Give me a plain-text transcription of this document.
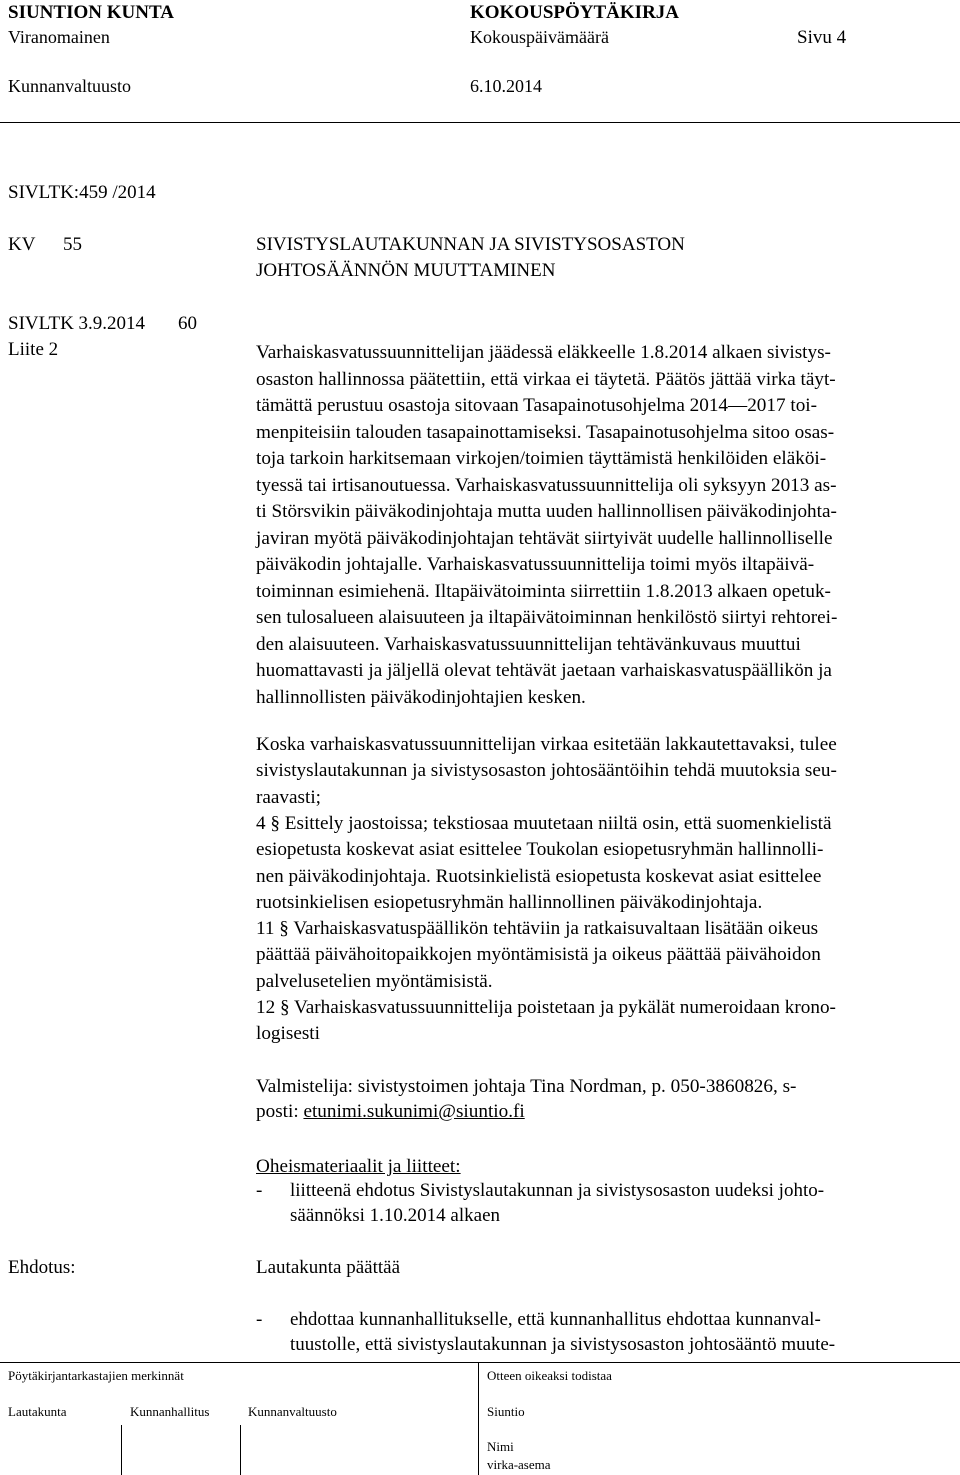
SIUNTION KUNTA	KOKOUSPÖYTÄKIRJA
Viranomainen	Kokouspäivämäärä	Sivu 4
Kunnanvaltuusto	6.10.2014
SIVLTK:459 /2014
KV 55	SIVISTYSLAUTAKUNNAN JA SIVISTYSOSASTON
JOHTOSÄÄNNÖN MUUTTAMINEN
SIVLTK 3.9.2014 60
Liite 2	Varhaiskasvatussuunnittelijan jäädessä eläkkeelle 1.8.2014 alkaen sivistys-
osaston hallinnossa päätettiin, että virkaa ei täytetä. Päätös jättää virka täyt-
tämättä perustuu osastoja sitovaan Tasapainotusohjelma 2014—2017 toi-
menpiteisiin talouden tasapainottamiseksi. Tasapainotusohjelma sitoo osas-
toja tarkoin harkitsemaan virkojen/toimien täyttämistä henkilöiden eläköi-
tyessä tai irtisanoutuessa. Varhaiskasvatussuunnittelija oli syksyyn 2013 as-
ti Störsvikin päiväkodinjohtaja mutta uuden hallinnollisen päiväkodinjohta-
javiran myötä päiväkodinjohtajan tehtävät siirtyivät uudelle hallinnolliselle
päiväkodin johtajalle. Varhaiskasvatussuunnittelija toimi myös iltapäivä-
toiminnan esimiehenä. Iltapäivätoiminta siirrettiin 1.8.2013 alkaen opetuk-
sen tulosalueen alaisuuteen ja iltapäivätoiminnan henkilöstö siirtyi rehtorei-
den alaisuuteen. Varhaiskasvatussuunnittelijan tehtävänkuvaus muuttui
huomattavasti ja jäljellä olevat tehtävät jaetaan varhaiskasvatuspäällikön ja
hallinnollisten päiväkodinjohtajien kesken.
Koska varhaiskasvatussuunnittelijan virkaa esitetään lakkautettavaksi, tulee
sivistyslautakunnan ja sivistysosaston johtosääntöihin tehdä muutoksia seu-
raavasti;
4 § Esittely jaostoissa; tekstiosaa muutetaan niiltä osin, että suomenkielistä
esiopetusta koskevat asiat esittelee Toukolan esiopetusryhmän hallinnolli-
nen päiväkodinjohtaja. Ruotsinkielistä esiopetusta koskevat asiat esittelee
ruotsinkielisen esiopetusryhmän hallinnollinen päiväkodinjohtaja.
11 § Varhaiskasvatuspäällikön tehtäviin ja ratkaisuvaltaan lisätään oikeus
päättää päivähoitopaikkojen myöntämisistä ja oikeus päättää päivähoidon
palvelusetelien myöntämisistä.
12 § Varhaiskasvatussuunnittelija poistetaan ja pykälät numeroidaan krono-
logisesti
Valmistelija: sivistystoimen johtaja Tina Nordman, p. 050-3860826, s-
posti: etunimi.sukunimi@siuntio.fi
Oheismateriaalit ja liitteet:
- liitteenä ehdotus Sivistyslautakunnan ja sivistysosaston uudeksi johto-
säännöksi 1.10.2014 alkaen
Ehdotus:	Lautakunta päättää
- ehdottaa kunnanhallitukselle, että kunnanhallitus ehdottaa kunnanval-
tuustolle, että sivistyslautakunnan ja sivistysosaston johtosääntö muute-
Pöytäkirjantarkastajien merkinnät	Otteen oikeaksi todistaa
Lautakunta	Kunnanhallitus	Kunnanvaltuusto	Siuntio
Nimi
virka-asema
